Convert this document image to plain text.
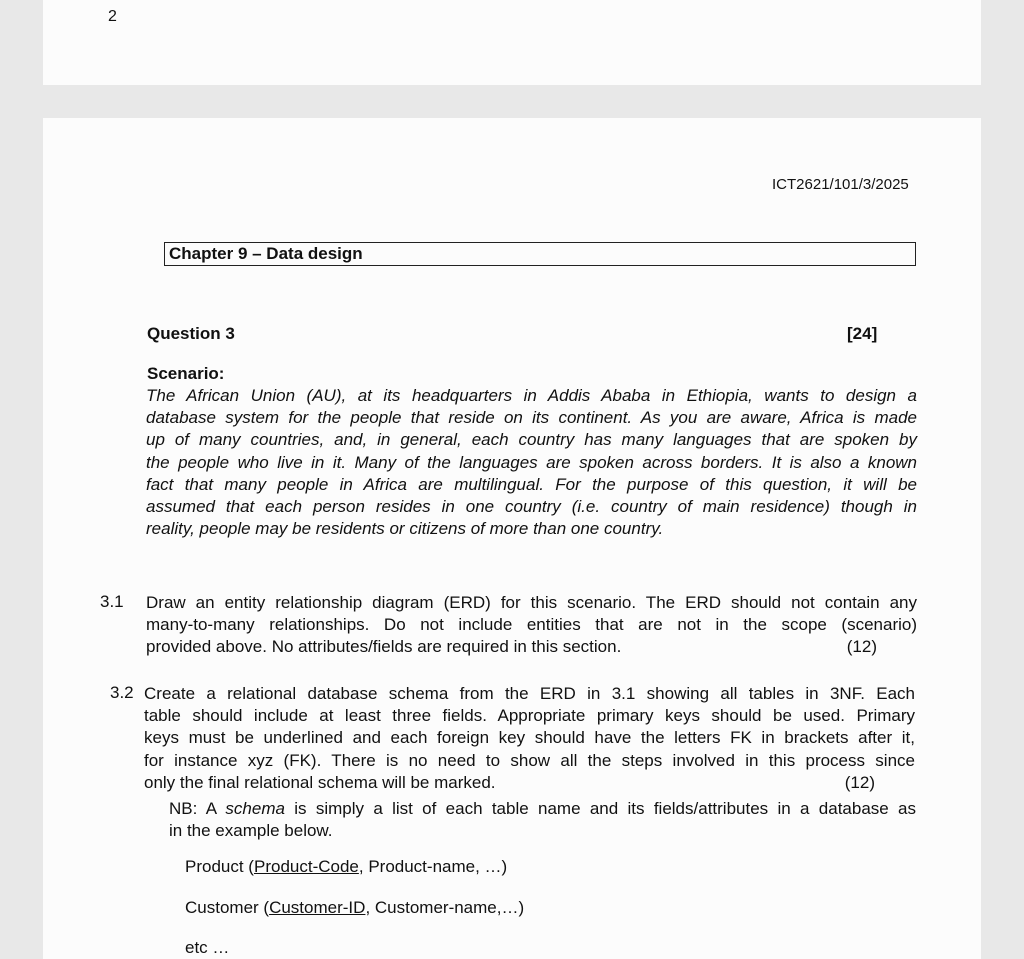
2
ICT2621/101/3/2025
Chapter 9 – Data design
Question 3	[24]
Scenario:
The African Union (AU), at its headquarters in Addis Ababa in Ethiopia, wants to design a
database system for the people that reside on its continent. As you are aware, Africa is made
up of many countries, and, in general, each country has many languages that are spoken by
the people who live in it. Many of the languages are spoken across borders. It is also a known
fact that many people in Africa are multilingual. For the purpose of this question, it will be
assumed that each person resides in one country (i.e. country of main residence) though in
reality, people may be residents or citizens of more than one country.
3.1 Draw an entity relationship diagram (ERD) for this scenario. The ERD should not contain any
many-to-many relationships. Do not include entities that are not in the scope (scenario)
provided above. No attributes/fields are required in this section.	(12)
3.2 Create a relational database schema from the ERD in 3.1 showing all tables in 3NF. Each
table should include at least three fields. Appropriate primary keys should be used. Primary
keys must be underlined and each foreign key should have the letters FK in brackets after it,
for instance xyz (FK). There is no need to show all the steps involved in this process since
only the final relational schema will be marked.	(12)
NB: A schema is simply a list of each table name and its fields/attributes in a database as
in the example below.
Product (Product-Code, Product-name, …)
Customer (Customer-ID, Customer-name,…)
etc …
